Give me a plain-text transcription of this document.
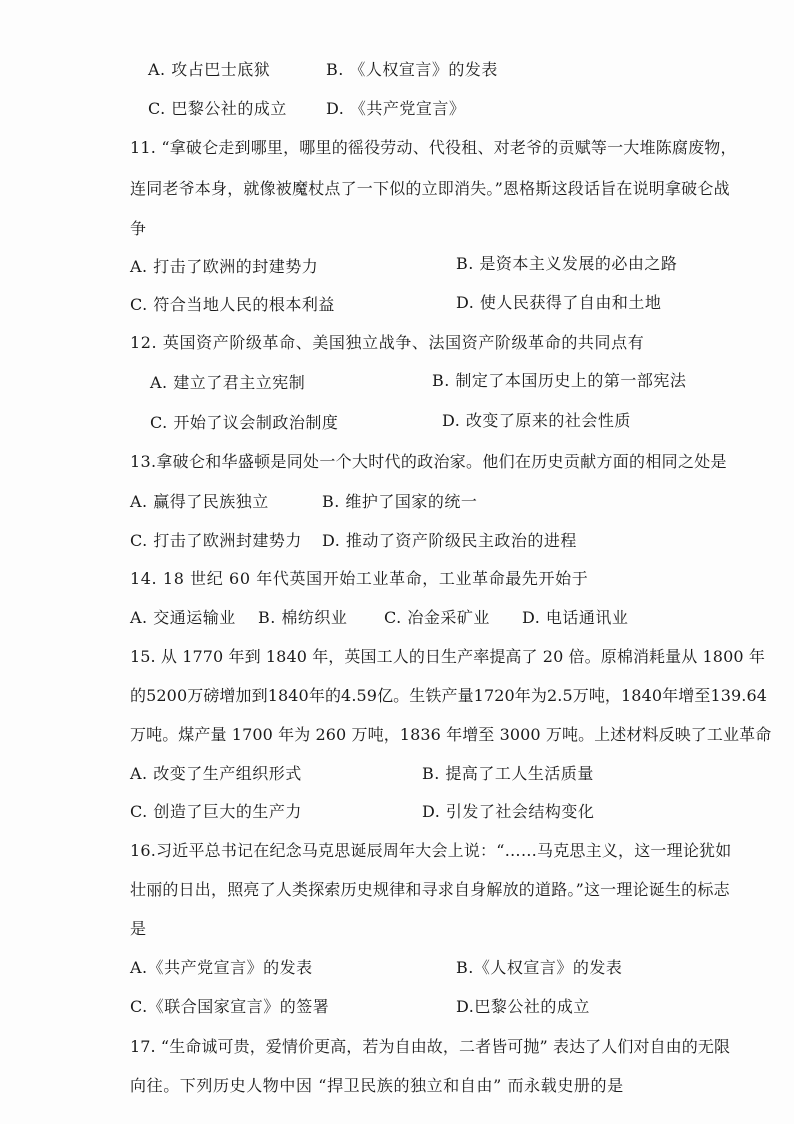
A. 攻占巴士底狱	B. 《人权宣言》的发表
C. 巴黎公社的成立 D. 《共产党宣言》
11. “拿破仑走到哪里，哪里的徭役劳动、代役租、对老爷的贡赋等一大堆陈腐废物，
连同老爷本身，就像被魔杖点了一下似的立即消失。”恩格斯这段话旨在说明拿破仑战
争
A. 打击了欧洲的封建势力	B. 是资本主义发展的必由之路
C. 符合当地人民的根本利益	D. 使人民获得了自由和土地
12. 英国资产阶级革命、美国独立战争、法国资产阶级革命的共同点有
A. 建立了君主立宪制	B. 制定了本国历史上的第一部宪法
C. 开始了议会制政治制度	D. 改变了原来的社会性质
13.拿破仑和华盛顿是同处一个大时代的政治家。他们在历史贡献方面的相同之处是
A. 赢得了民族独立	B. 维护了国家的统一
C. 打击了欧洲封建势力 D. 推动了资产阶级民主政治的进程
14. 18 世纪 60 年代英国开始工业革命，工业革命最先开始于
A. 交通运输业 B. 棉纺织业 C. 冶金采矿业 D. 电话通讯业
15. 从 1770 年到 1840 年，英国工人的日生产率提高了 20 倍。原棉消耗量从 1800 年
的5200万磅增加到1840年的4.59亿。生铁产量1720年为2.5万吨，1840年增至139.64
万吨。煤产量 1700 年为 260 万吨，1836 年增至 3000 万吨。上述材料反映了工业革命
A. 改变了生产组织形式	B. 提高了工人生活质量
C. 创造了巨大的生产力	D. 引发了社会结构变化
16.习近平总书记在纪念马克思诞辰周年大会上说：“……马克思主义，这一理论犹如
壮丽的日出，照亮了人类探索历史规律和寻求自身解放的道路。”这一理论诞生的标志
是
A.《共产党宣言》的发表	B.《人权宣言》的发表
C.《联合国家宣言》的签署	D.巴黎公社的成立
17. “生命诚可贵，爱情价更高，若为自由故，二者皆可抛” 表达了人们对自由的无限
向往。下列历史人物中因 “捍卫民族的独立和自由” 而永载史册的是
